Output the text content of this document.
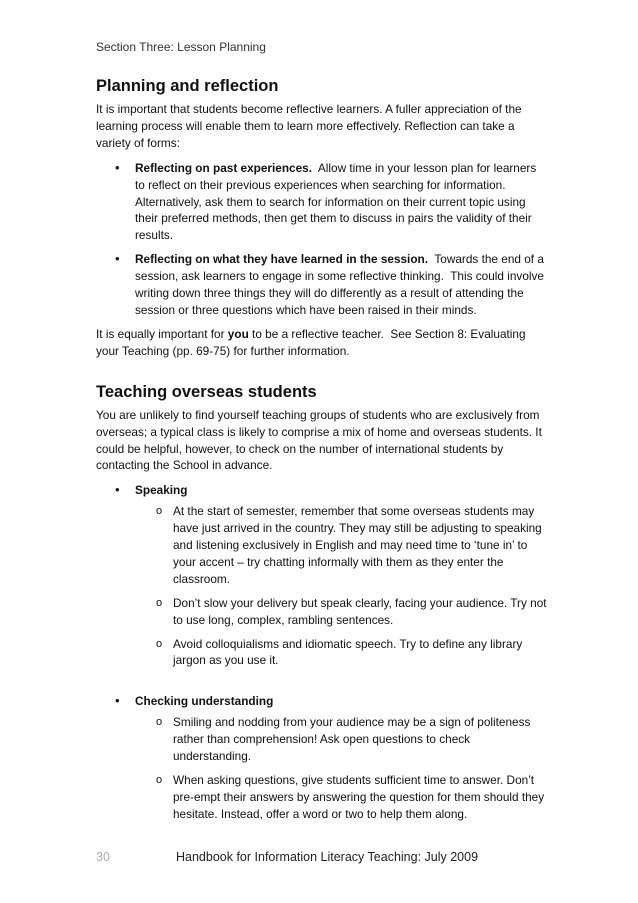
Section Three: Lesson Planning
Planning and reflection

It is important that students become reflective learners. A fuller appreciation of the learning process will enable them to learn more effectively. Reflection can take a variety of forms:

• Reflecting on past experiences.  Allow time in your lesson plan for learners to reflect on their previous experiences when searching for information.  Alternatively, ask them to search for information on their current topic using their preferred methods, then get them to discuss in pairs the validity of their results.
• Reflecting on what they have learned in the session.  Towards the end of a session, ask learners to engage in some reflective thinking.  This could involve writing down three things they will do differently as a result of attending the session or three questions which have been raised in their minds.

It is equally important for you to be a reflective teacher.  See Section 8: Evaluating your Teaching (pp. 69-75) for further information.

Teaching overseas students

You are unlikely to find yourself teaching groups of students who are exclusively from overseas; a typical class is likely to comprise a mix of home and overseas students. It could be helpful, however, to check on the number of international students by contacting the School in advance.

• Speaking
o At the start of semester, remember that some overseas students may have just arrived in the country. They may still be adjusting to speaking and listening exclusively in English and may need time to ‘tune in’ to your accent – try chatting informally with them as they enter the classroom.
o Don’t slow your delivery but speak clearly, facing your audience. Try not to use long, complex, rambling sentences.
o Avoid colloquialisms and idiomatic speech. Try to define any library jargon as you use it.
• Checking understanding
o Smiling and nodding from your audience may be a sign of politeness rather than comprehension! Ask open questions to check understanding.
o When asking questions, give students sufficient time to answer. Don’t pre-empt their answers by answering the question for them should they hesitate. Instead, offer a word or two to help them along.
30	Handbook for Information Literacy Teaching: July 2009
